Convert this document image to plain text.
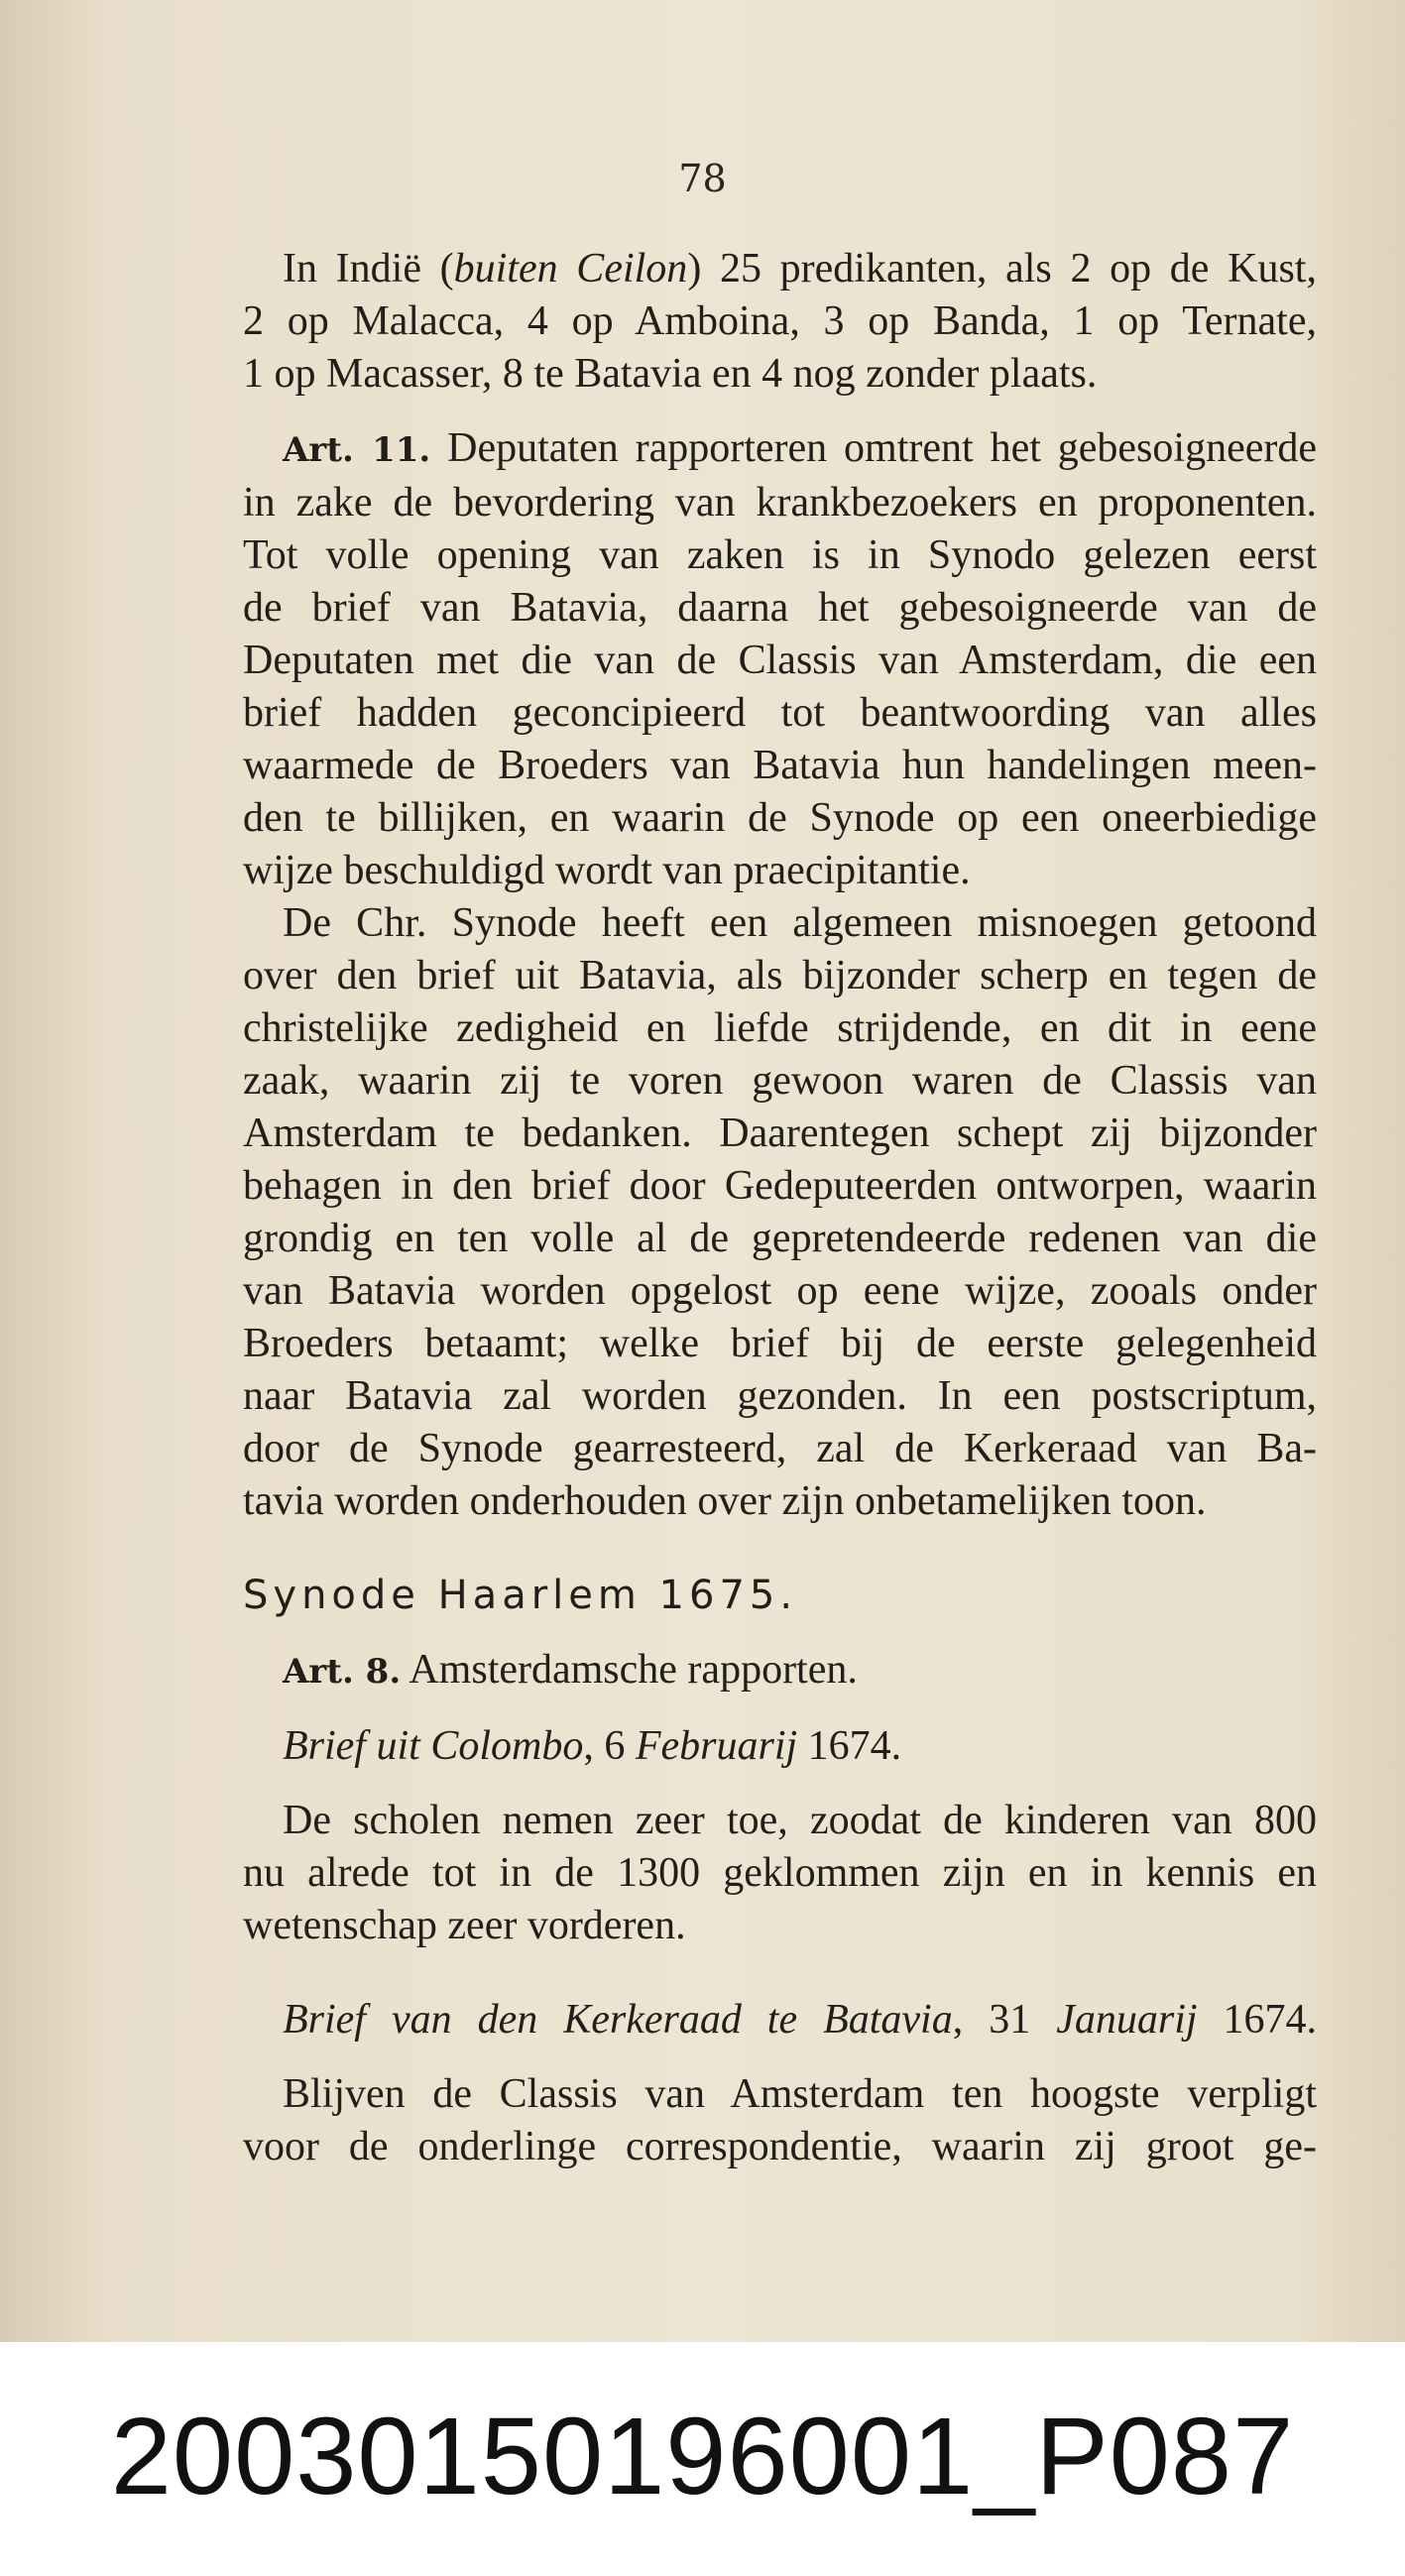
78
In Indië (buiten Ceilon) 25 predikanten, als 2 op de Kust,
2 op Malacca, 4 op Amboina, 3 op Banda, 1 op Ternate,
1 op Macasser, 8 te Batavia en 4 nog zonder plaats.
Art. 11. Deputaten rapporteren omtrent het gebesoigneerde
in zake de bevordering van krankbezoekers en proponenten.
Tot volle opening van zaken is in Synodo gelezen eerst
de brief van Batavia, daarna het gebesoigneerde van de
Deputaten met die van de Classis van Amsterdam, die een
brief hadden geconcipieerd tot beantwoording van alles
waarmede de Broeders van Batavia hun handelingen meen-
den te billijken, en waarin de Synode op een oneerbiedige
wijze beschuldigd wordt van praecipitantie.
De Chr. Synode heeft een algemeen misnoegen getoond
over den brief uit Batavia, als bijzonder scherp en tegen de
christelijke zedigheid en liefde strijdende, en dit in eene
zaak, waarin zij te voren gewoon waren de Classis van
Amsterdam te bedanken. Daarentegen schept zij bijzonder
behagen in den brief door Gedeputeerden ontworpen, waarin
grondig en ten volle al de gepretendeerde redenen van die
van Batavia worden opgelost op eene wijze, zooals onder
Broeders betaamt; welke brief bij de eerste gelegenheid
naar Batavia zal worden gezonden. In een postscriptum,
door de Synode gearresteerd, zal de Kerkeraad van Ba-
tavia worden onderhouden over zijn onbetamelijken toon.
Synode Haarlem 1675.
Art. 8. Amsterdamsche rapporten.
Brief uit Colombo, 6 Februarij 1674.
De scholen nemen zeer toe, zoodat de kinderen van 800
nu alrede tot in de 1300 geklommen zijn en in kennis en
wetenschap zeer vorderen.
Brief van den Kerkeraad te Batavia, 31 Januarij 1674.
Blijven de Classis van Amsterdam ten hoogste verpligt
voor de onderlinge correspondentie, waarin zij groot ge-
20030150196001_P087
